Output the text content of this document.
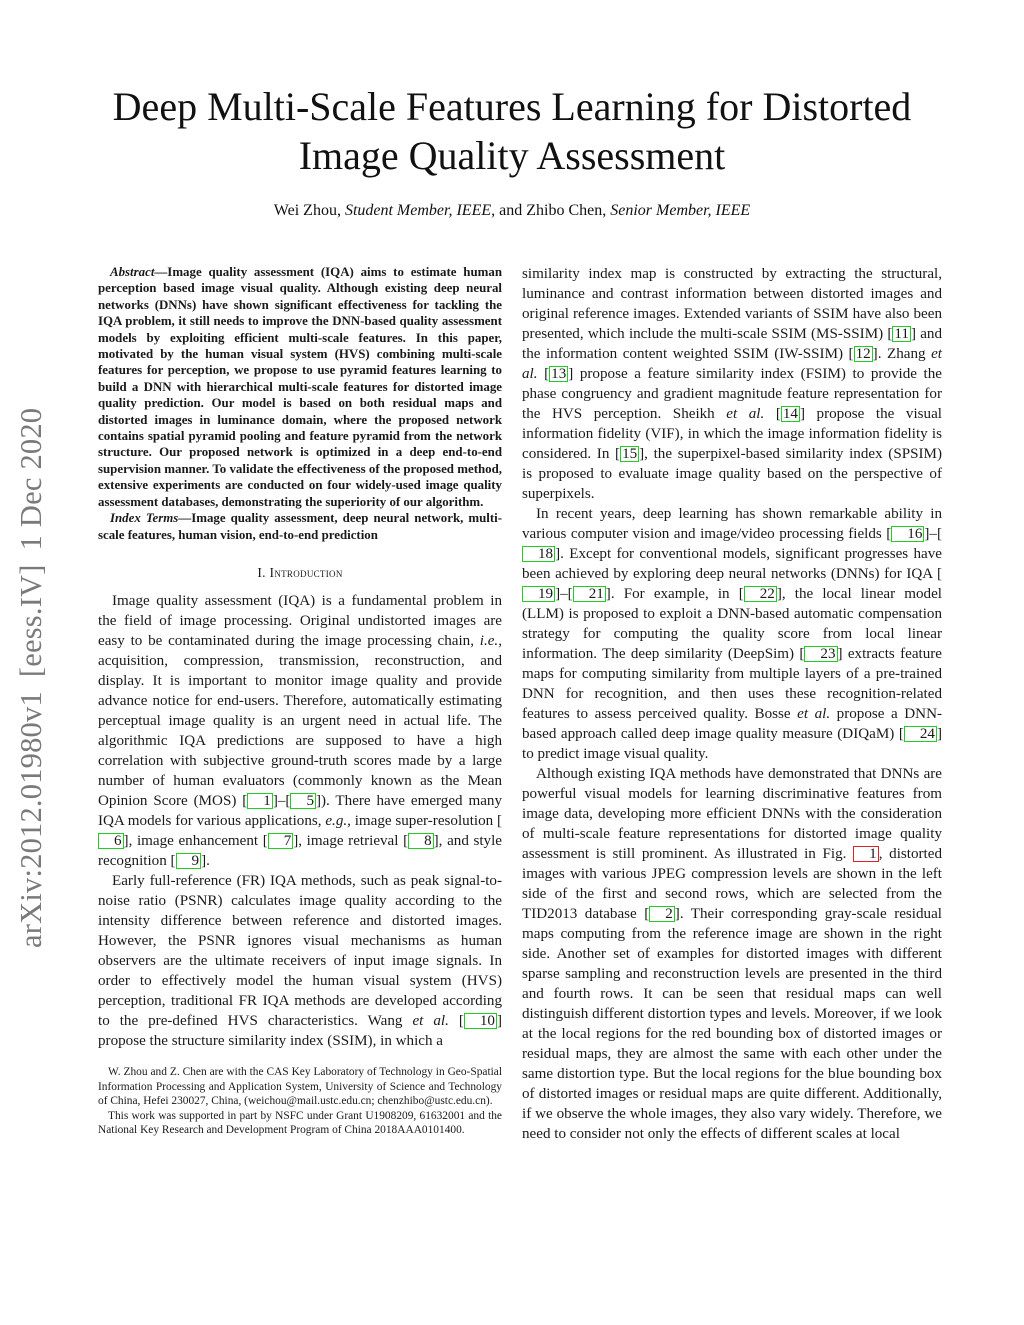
arXiv:2012.01980v1[eess.IV]1 Dec 2020
Deep Multi-Scale Features Learning for Distorted Image Quality Assessment
Wei Zhou, Student Member, IEEE, and Zhibo Chen, Senior Member, IEEE

Abstract—Image quality assessment (IQA) aims to estimate human perception based image visual quality. Although existing deep neural networks (DNNs) have shown significant effectiveness for tackling the IQA problem, it still needs to improve the DNN-based quality assessment models by exploiting efficient multi-scale features. In this paper, motivated by the human visual system (HVS) combining multi-scale features for perception, we propose to use pyramid features learning to build a DNN with hierarchical multi-scale features for distorted image quality prediction. Our model is based on both residual maps and distorted images in luminance domain, where the proposed network contains spatial pyramid pooling and feature pyramid from the network structure. Our proposed network is optimized in a deep end-to-end supervision manner. To validate the effectiveness of the proposed method, extensive experiments are conducted on four widely-used image quality assessment databases, demonstrating the superiority of our algorithm.

Index Terms—Image quality assessment, deep neural network, multi-scale features, human vision, end-to-end prediction

I. Introduction

Image quality assessment (IQA) is a fundamental problem in the field of image processing. Original undistorted images are easy to be contaminated during the image processing chain, i.e., acquisition, compression, transmission, reconstruction, and display. It is important to monitor image quality and provide advance notice for end-users. Therefore, automatically estimating perceptual image quality is an urgent need in actual life. The algorithmic IQA predictions are supposed to have a high correlation with subjective ground-truth scores made by a large number of human evaluators (commonly known as the Mean Opinion Score (MOS) [ 1 ]–[ 5 ]). There have emerged many IQA models for various applications, e.g., image super-resolution [6 ], image enhancement [ 7 ], image retrieval [ 8 ], and style recognition [ 9 ].

Early full-reference (FR) IQA methods, such as peak signal-to-noise ratio (PSNR) calculates image quality according to the intensity difference between reference and distorted images. However, the PSNR ignores visual mechanisms as human observers are the ultimate receivers of input image signals. In order to effectively model the human visual system (HVS) perception, traditional FR IQA methods are developed according to the pre-defined HVS characteristics. Wang et al. [ 10 ] propose the structure similarity index (SSIM), in which a

W. Zhou and Z. Chen are with the CAS Key Laboratory of Technology in Geo-Spatial Information Processing and Application System, University of Science and Technology of China, Hefei 230027, China, (weichou@mail.ustc.edu.cn; chenzhibo@ustc.edu.cn).

This work was supported in part by NSFC under Grant U1908209, 61632001 and the National Key Research and Development Program of China 2018AAA0101400.

similarity index map is constructed by extracting the structural, luminance and contrast information between distorted images and original reference images. Extended variants of SSIM have also been presented, which include the multi-scale SSIM (MS-SSIM) [ 11 ] and the information content weighted SSIM (IW-SSIM) [ 12 ]. Zhang et al. [ 13 ] propose a feature similarity index (FSIM) to provide the phase congruency and gradient magnitude feature representation for the HVS perception. Sheikh et al. [ 14 ] propose the visual information fidelity (VIF), in which the image information fidelity is considered. In [ 15 ], the superpixel-based similarity index (SPSIM) is proposed to evaluate image quality based on the perspective of superpixels.

In recent years, deep learning has shown remarkable ability in various computer vision and image/video processing fields [ 16 ]–[18 ]. Except for conventional models, significant progresses have been achieved by exploring deep neural networks (DNNs) for IQA [19 ]–[ 21 ]. For example, in [ 22 ], the local linear model (LLM) is proposed to exploit a DNN-based automatic compensation strategy for computing the quality score from local linear information. The deep similarity (DeepSim) [ 23 ] extracts feature maps for computing similarity from multiple layers of a pre-trained DNN for recognition, and then uses these recognition-related features to assess perceived quality. Bosse et al. propose a DNN-based approach called deep image quality measure (DIQaM) [ 24 ] to predict image visual quality.

Although existing IQA methods have demonstrated that DNNs are powerful visual models for learning discriminative features from image data, developing more efficient DNNs with the consideration of multi-scale feature representations for distorted image quality assessment is still prominent. As illustrated in Fig. 1 , distorted images with various JPEG compression levels are shown in the left side of the first and second rows, which are selected from the TID2013 database [ 2 ]. Their corresponding gray-scale residual maps computing from the reference image are shown in the right side. Another set of examples for distorted images with different sparse sampling and reconstruction levels are presented in the third and fourth rows. It can be seen that residual maps can well distinguish different distortion types and levels. Moreover, if we look at the local regions for the red bounding box of distorted images or residual maps, they are almost the same with each other under the same distortion type. But the local regions for the blue bounding box of distorted images or residual maps are quite different. Additionally, if we observe the whole images, they also vary widely. Therefore, we need to consider not only the effects of different scales at local
